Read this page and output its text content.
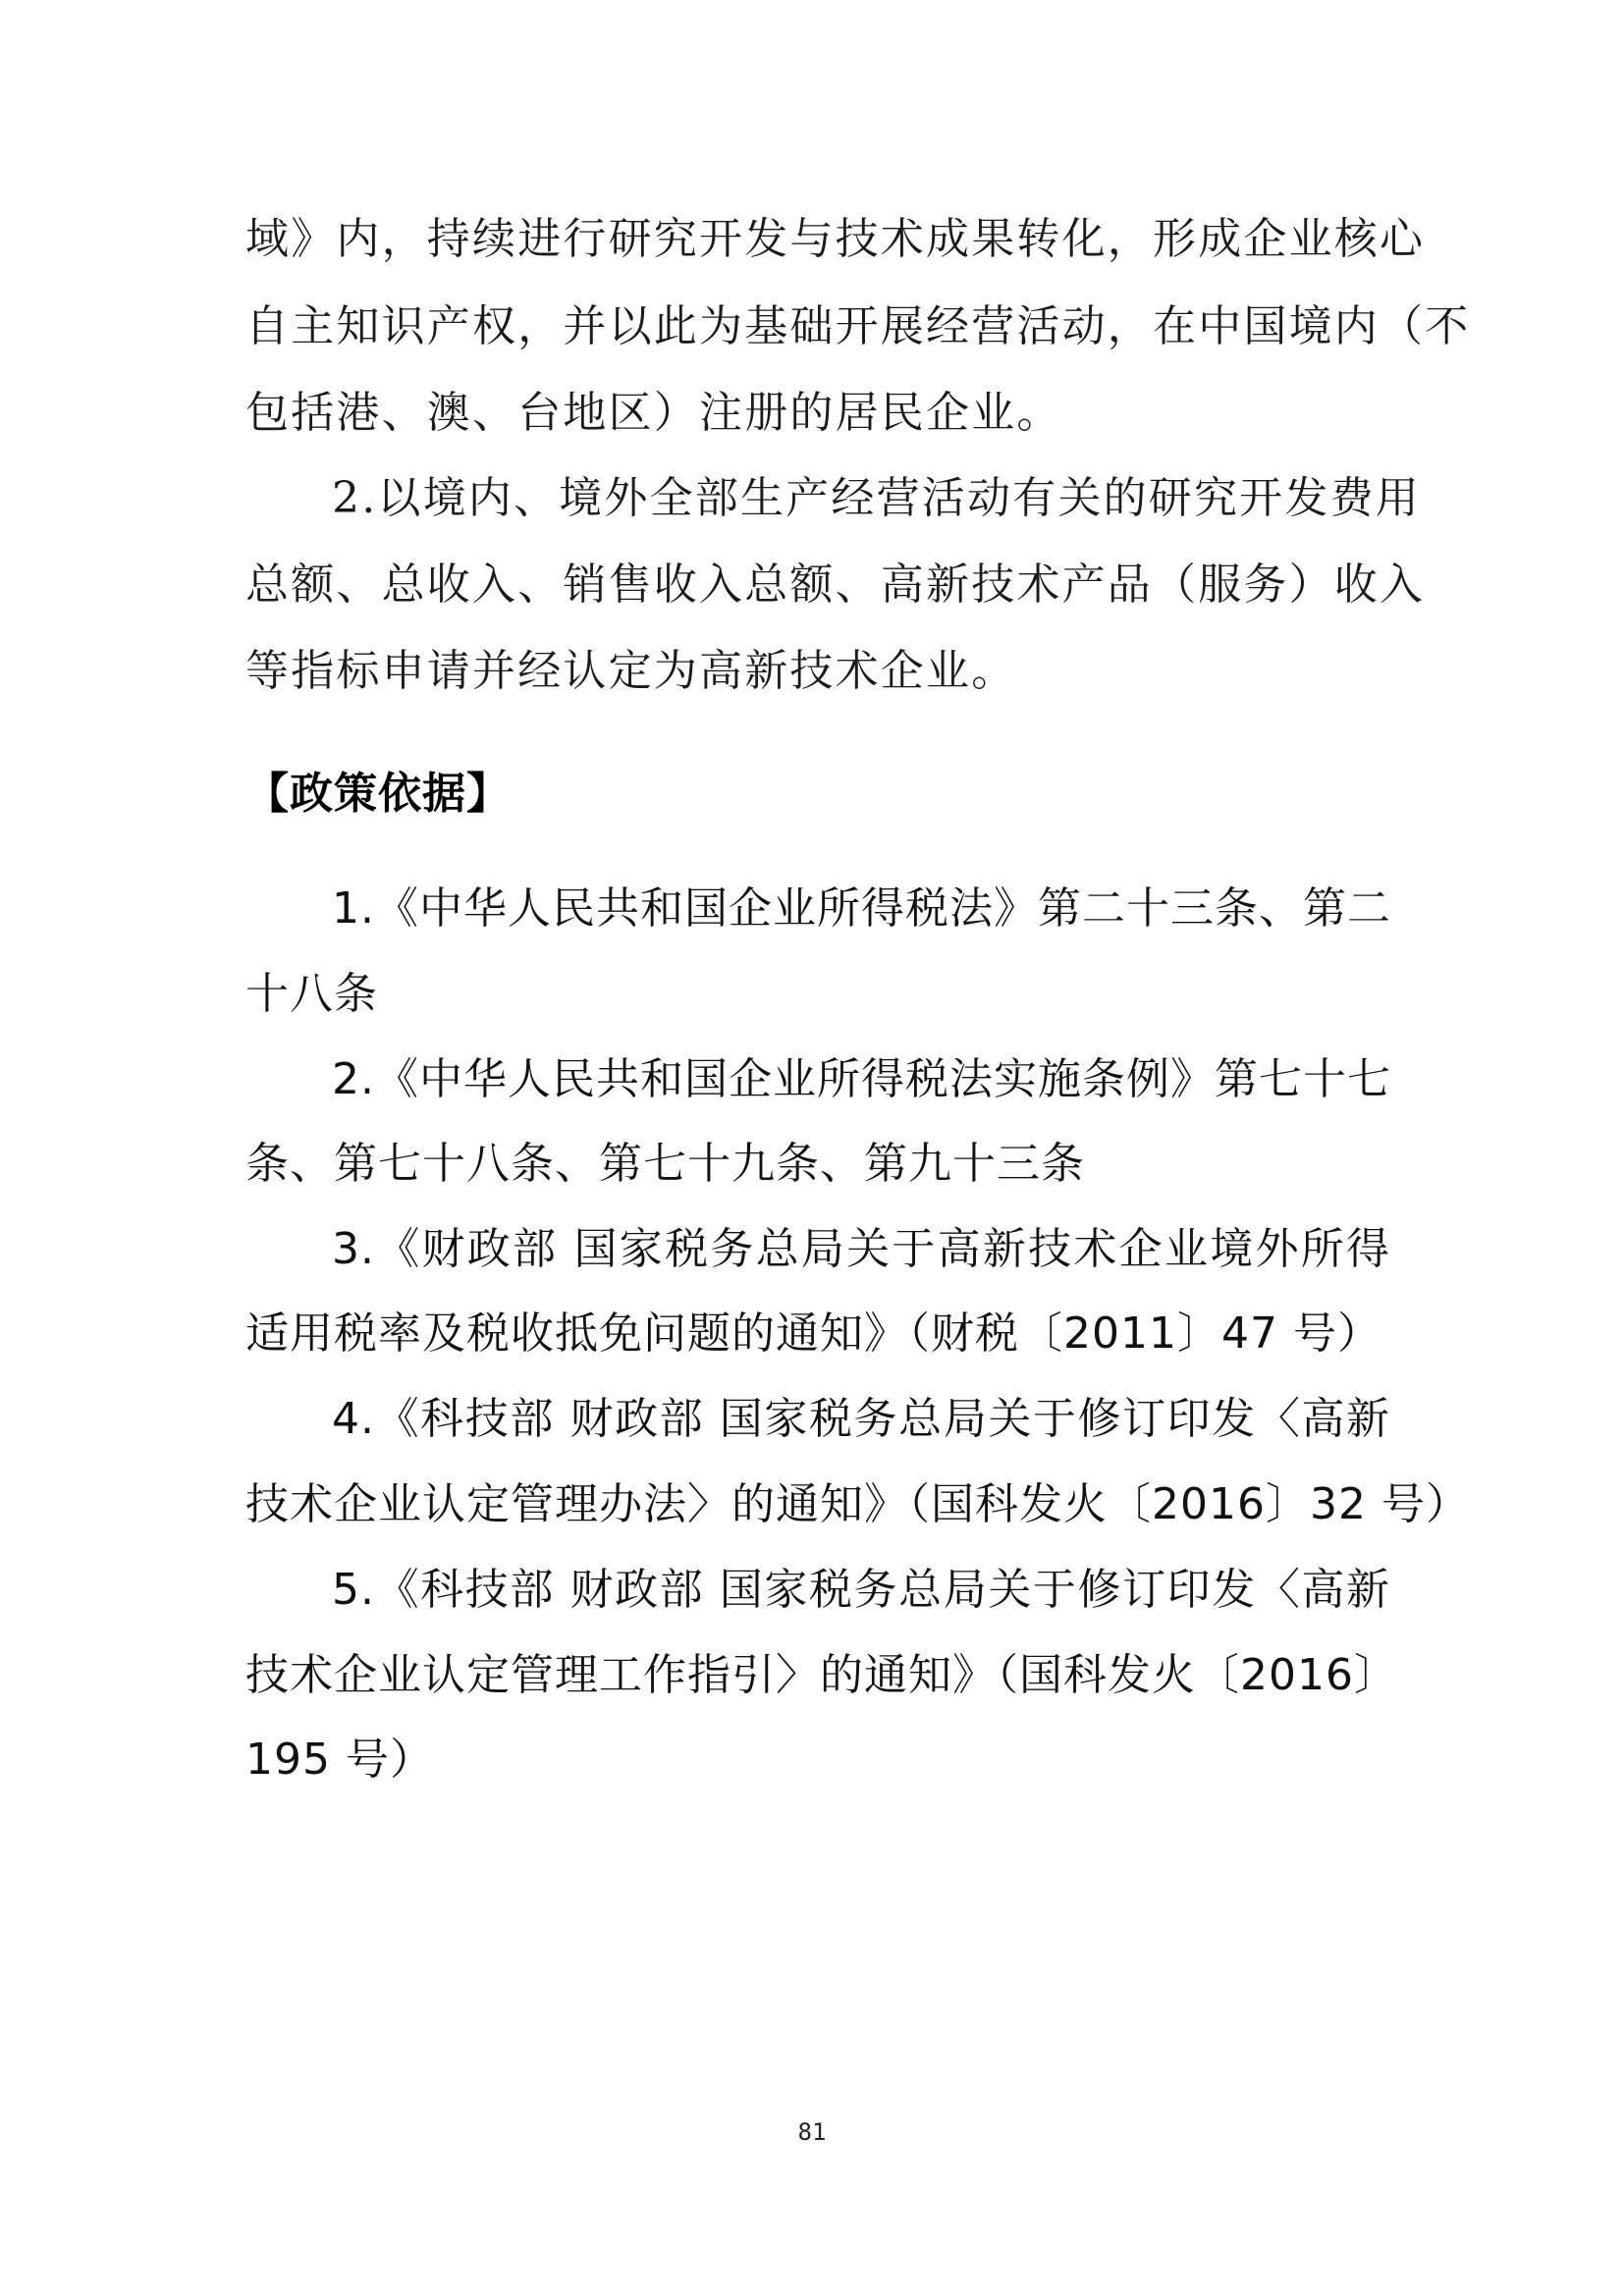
域》内，持续进行研究开发与技术成果转化，形成企业核心
自主知识产权，并以此为基础开展经营活动，在中国境内（不
包括港、澳、台地区）注册的居民企业。
2.以境内、境外全部生产经营活动有关的研究开发费用
总额、总收入、销售收入总额、高新技术产品（服务）收入
等指标申请并经认定为高新技术企业。
【政策依据】
1.《中华人民共和国企业所得税法》第二十三条、第二
十八条
2.《中华人民共和国企业所得税法实施条例》第七十七
条、第七十八条、第七十九条、第九十三条
3.《财政部 国家税务总局关于高新技术企业境外所得
适用税率及税收抵免问题的通知》（财税〔2011〕47 号）
4.《科技部 财政部 国家税务总局关于修订印发〈高新
技术企业认定管理办法〉的通知》（国科发火〔2016〕32 号）
5.《科技部 财政部 国家税务总局关于修订印发〈高新
技术企业认定管理工作指引〉的通知》（国科发火〔2016〕
195 号）
81
